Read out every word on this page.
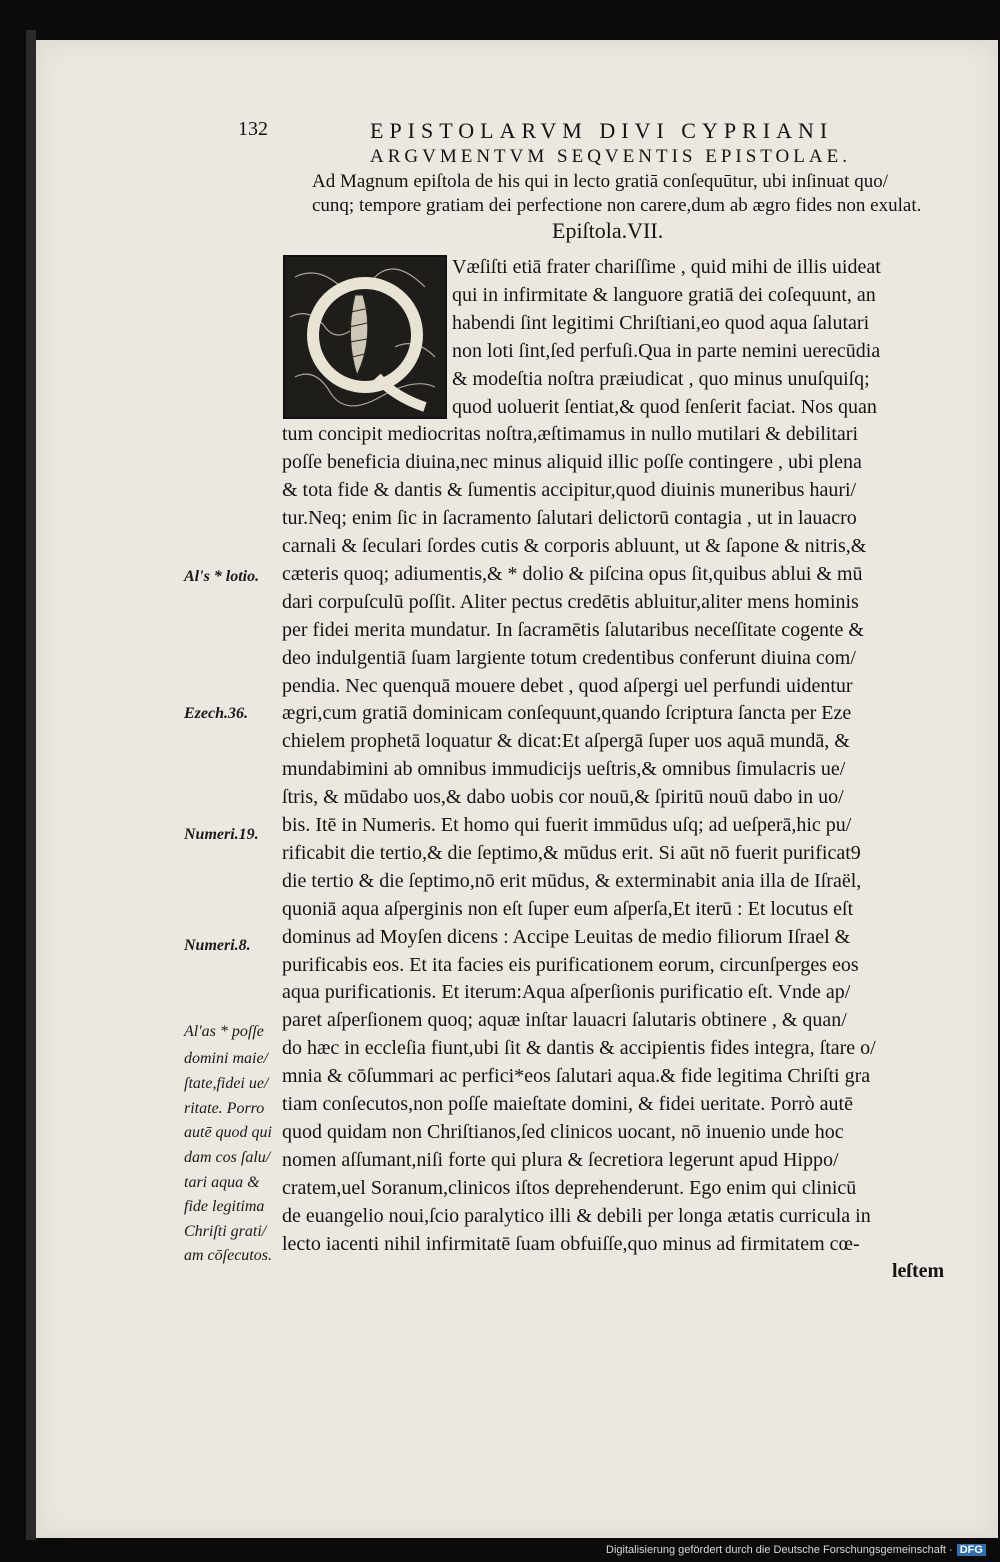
132	EPISTOLARVM DIVI CYPRIANI
ARGVMENTVM SEQVENTIS EPISTOLAE.
Ad Magnum epiſtola de his qui in lecto gratiā conſequūtur, ubi inſinuat quo/
cunq; tempore gratiam dei perfectione non carere,dum ab ægro fides non exulat.
Epiſtola.VII.
Væſiſti etiā frater chariſſime , quid mihi de illis uideat
qui in infirmitate & languore gratiā dei coſequunt, an
habendi ſint legitimi Chriſtiani,eo quod aqua ſalutari
non loti ſint,ſed perfuſi.Qua in parte nemini uerecūdia
& modeſtia noſtra præiudicat , quo minus unuſquiſq;
quod uoluerit ſentiat,& quod ſenſerit faciat. Nos quan
tum concipit mediocritas noſtra,æſtimamus in nullo mutilari & debilitari
poſſe beneficia diuina,nec minus aliquid illic poſſe contingere , ubi plena
& tota fide & dantis & ſumentis accipitur,quod diuinis muneribus hauri/
tur.Neq; enim ſic in ſacramento ſalutari delictorū contagia , ut in lauacro
carnali & ſeculari ſordes cutis & corporis abluunt, ut & ſapone & nitris,&
cæteris quoq; adiumentis,& * dolio & piſcina opus ſit,quibus ablui & mū
dari corpuſculū poſſit. Aliter pectus credētis abluitur,aliter mens hominis
per fidei merita mundatur. In ſacramētis ſalutaribus neceſſitate cogente &
deo indulgentiā ſuam largiente totum credentibus conferunt diuina com/
pendia. Nec quenquā mouere debet , quod aſpergi uel perfundi uidentur
ægri,cum gratiā dominicam conſequunt,quando ſcriptura ſancta per Eze
chielem prophetā loquatur & dicat:Et aſpergā ſuper uos aquā mundā, &
mundabimini ab omnibus immudicijs ueſtris,& omnibus ſimulacris ue/
ſtris, & mūdabo uos,& dabo uobis cor nouū,& ſpiritū nouū dabo in uo/
bis. Itē in Numeris. Et homo qui fuerit immūdus uſq; ad ueſperā,hic pu/
rificabit die tertio,& die ſeptimo,& mūdus erit. Si aūt nō fuerit purificat9
die tertio & die ſeptimo,nō erit mūdus, & exterminabit ania illa de Iſraël,
quoniā aqua aſperginis non eſt ſuper eum aſperſa,Et iterū : Et locutus eſt
dominus ad Moyſen dicens : Accipe Leuitas de medio filiorum Iſrael &
purificabis eos. Et ita facies eis purificationem eorum, circunſperges eos
aqua purificationis. Et iterum:Aqua aſperſionis purificatio eſt. Vnde ap/
paret aſperſionem quoq; aquæ inſtar lauacri ſalutaris obtinere , & quan/
do hæc in eccleſia fiunt,ubi ſit & dantis & accipientis fides integra, ſtare o/
mnia & cōſummari ac perfici*eos ſalutari aqua.& fide legitima Chriſti gra
tiam conſecutos,non poſſe maieſtate domini, & fidei ueritate. Porrò autē
quod quidam non Chriſtianos,ſed clinicos uocant, nō inuenio unde hoc
nomen aſſumant,niſi forte qui plura & ſecretiora legerunt apud Hippo/
cratem,uel Soranum,clinicos iſtos deprehenderunt. Ego enim qui clinicū
de euangelio noui,ſcio paralytico illi & debili per longa ætatis curricula in
lecto iacenti nihil infirmitatē ſuam obfuiſſe,quo minus ad firmitatem cœ-
leſtem
Al's * lotio.
Ezech.36.
Numeri.19.
Numeri.8.
Al'as * poſſe
domini maie/
ſtate,fidei ue/
ritate. Porro
autē quod qui
dam cos ſalu/
tari aqua &
fide legitima
Chriſti grati/
am cōſecutos.
Digitalisierung gefördert durch die Deutsche Forschungsgemeinschaft · DFG
